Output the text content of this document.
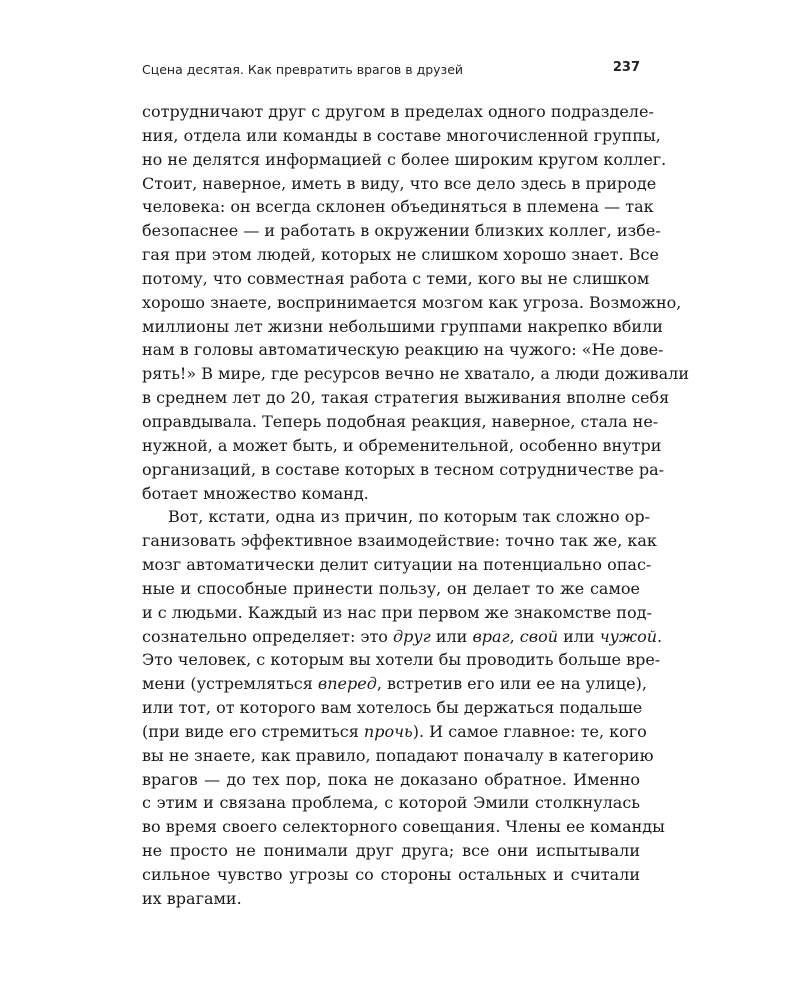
Сцена десятая. Как превратить врагов в друзей	237
сотрудничают друг с другом в пределах одного подразделе-
ния, отдела или команды в составе многочисленной группы,
но не делятся информацией с более широким кругом коллег.
Стоит, наверное, иметь в виду, что все дело здесь в природе
человека: он всегда склонен объединяться в племена — так
безопаснее — и работать в окружении близких коллег, избе-
гая при этом людей, которых не слишком хорошо знает. Все
потому, что совместная работа с теми, кого вы не слишком
хорошо знаете, воспринимается мозгом как угроза. Возможно,
миллионы лет жизни небольшими группами накрепко вбили
нам в головы автоматическую реакцию на чужого: «Не дове-
рять!» В мире, где ресурсов вечно не хватало, а люди доживали
в среднем лет до 20, такая стратегия выживания вполне себя
оправдывала. Теперь подобная реакция, наверное, стала не-
нужной, а может быть, и обременительной, особенно внутри
организаций, в составе которых в тесном сотрудничестве ра-
ботает множество команд.
Вот, кстати, одна из причин, по которым так сложно ор-
ганизовать эффективное взаимодействие: точно так же, как
мозг автоматически делит ситуации на потенциально опас-
ные и способные принести пользу, он делает то же самое
и с людьми. Каждый из нас при первом же знакомстве под-
сознательно определяет: это друг или враг, свой или чужой.
Это человек, с которым вы хотели бы проводить больше вре-
мени (устремляться вперед, встретив его или ее на улице),
или тот, от которого вам хотелось бы держаться подальше
(при виде его стремиться прочь). И самое главное: те, кого
вы не знаете, как правило, попадают поначалу в категорию
врагов — до тех пор, пока не доказано обратное. Именно
с этим и связана проблема, с которой Эмили столкнулась
во время своего селекторного совещания. Члены ее команды
не просто не понимали друг друга; все они испытывали
сильное чувство угрозы со стороны остальных и считали
их врагами.
